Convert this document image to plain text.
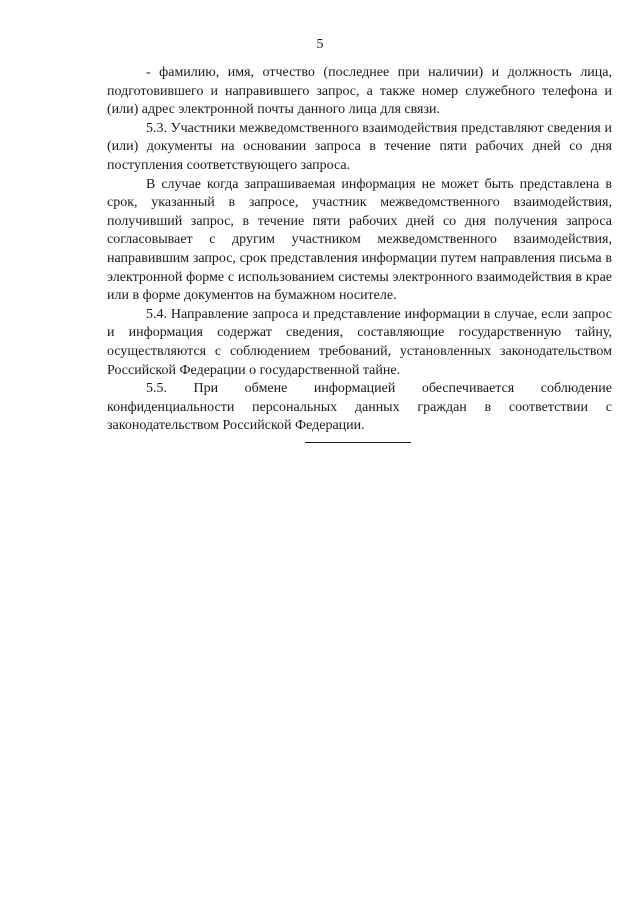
5

- фамилию, имя, отчество (последнее при наличии) и должность лица, подготовившего и направившего запрос, а также номер служебного телефона и (или) адрес электронной почты данного лица для связи.

5.3. Участники межведомственного взаимодействия представляют сведения и (или) документы на основании запроса в течение пяти рабочих дней со дня поступления соответствующего запроса.

В случае когда запрашиваемая информация не может быть представлена в срок, указанный в запросе, участник межведомственного взаимодействия, получивший запрос, в течение пяти рабочих дней со дня получения запроса согласовывает с другим участником межведомственного взаимодействия, направившим запрос, срок представления информации путем направления письма в электронной форме с использованием системы электронного взаимодействия в крае или в форме документов на бумажном носителе.

5.4. Направление запроса и представление информации в случае, если запрос и информация содержат сведения, составляющие государственную тайну, осуществляются с соблюдением требований, установленных законодательством Российской Федерации о государственной тайне.

5.5. При обмене информацией обеспечивается соблюдение конфиденциальности персональных данных граждан в соответствии с законодательством Российской Федерации.
